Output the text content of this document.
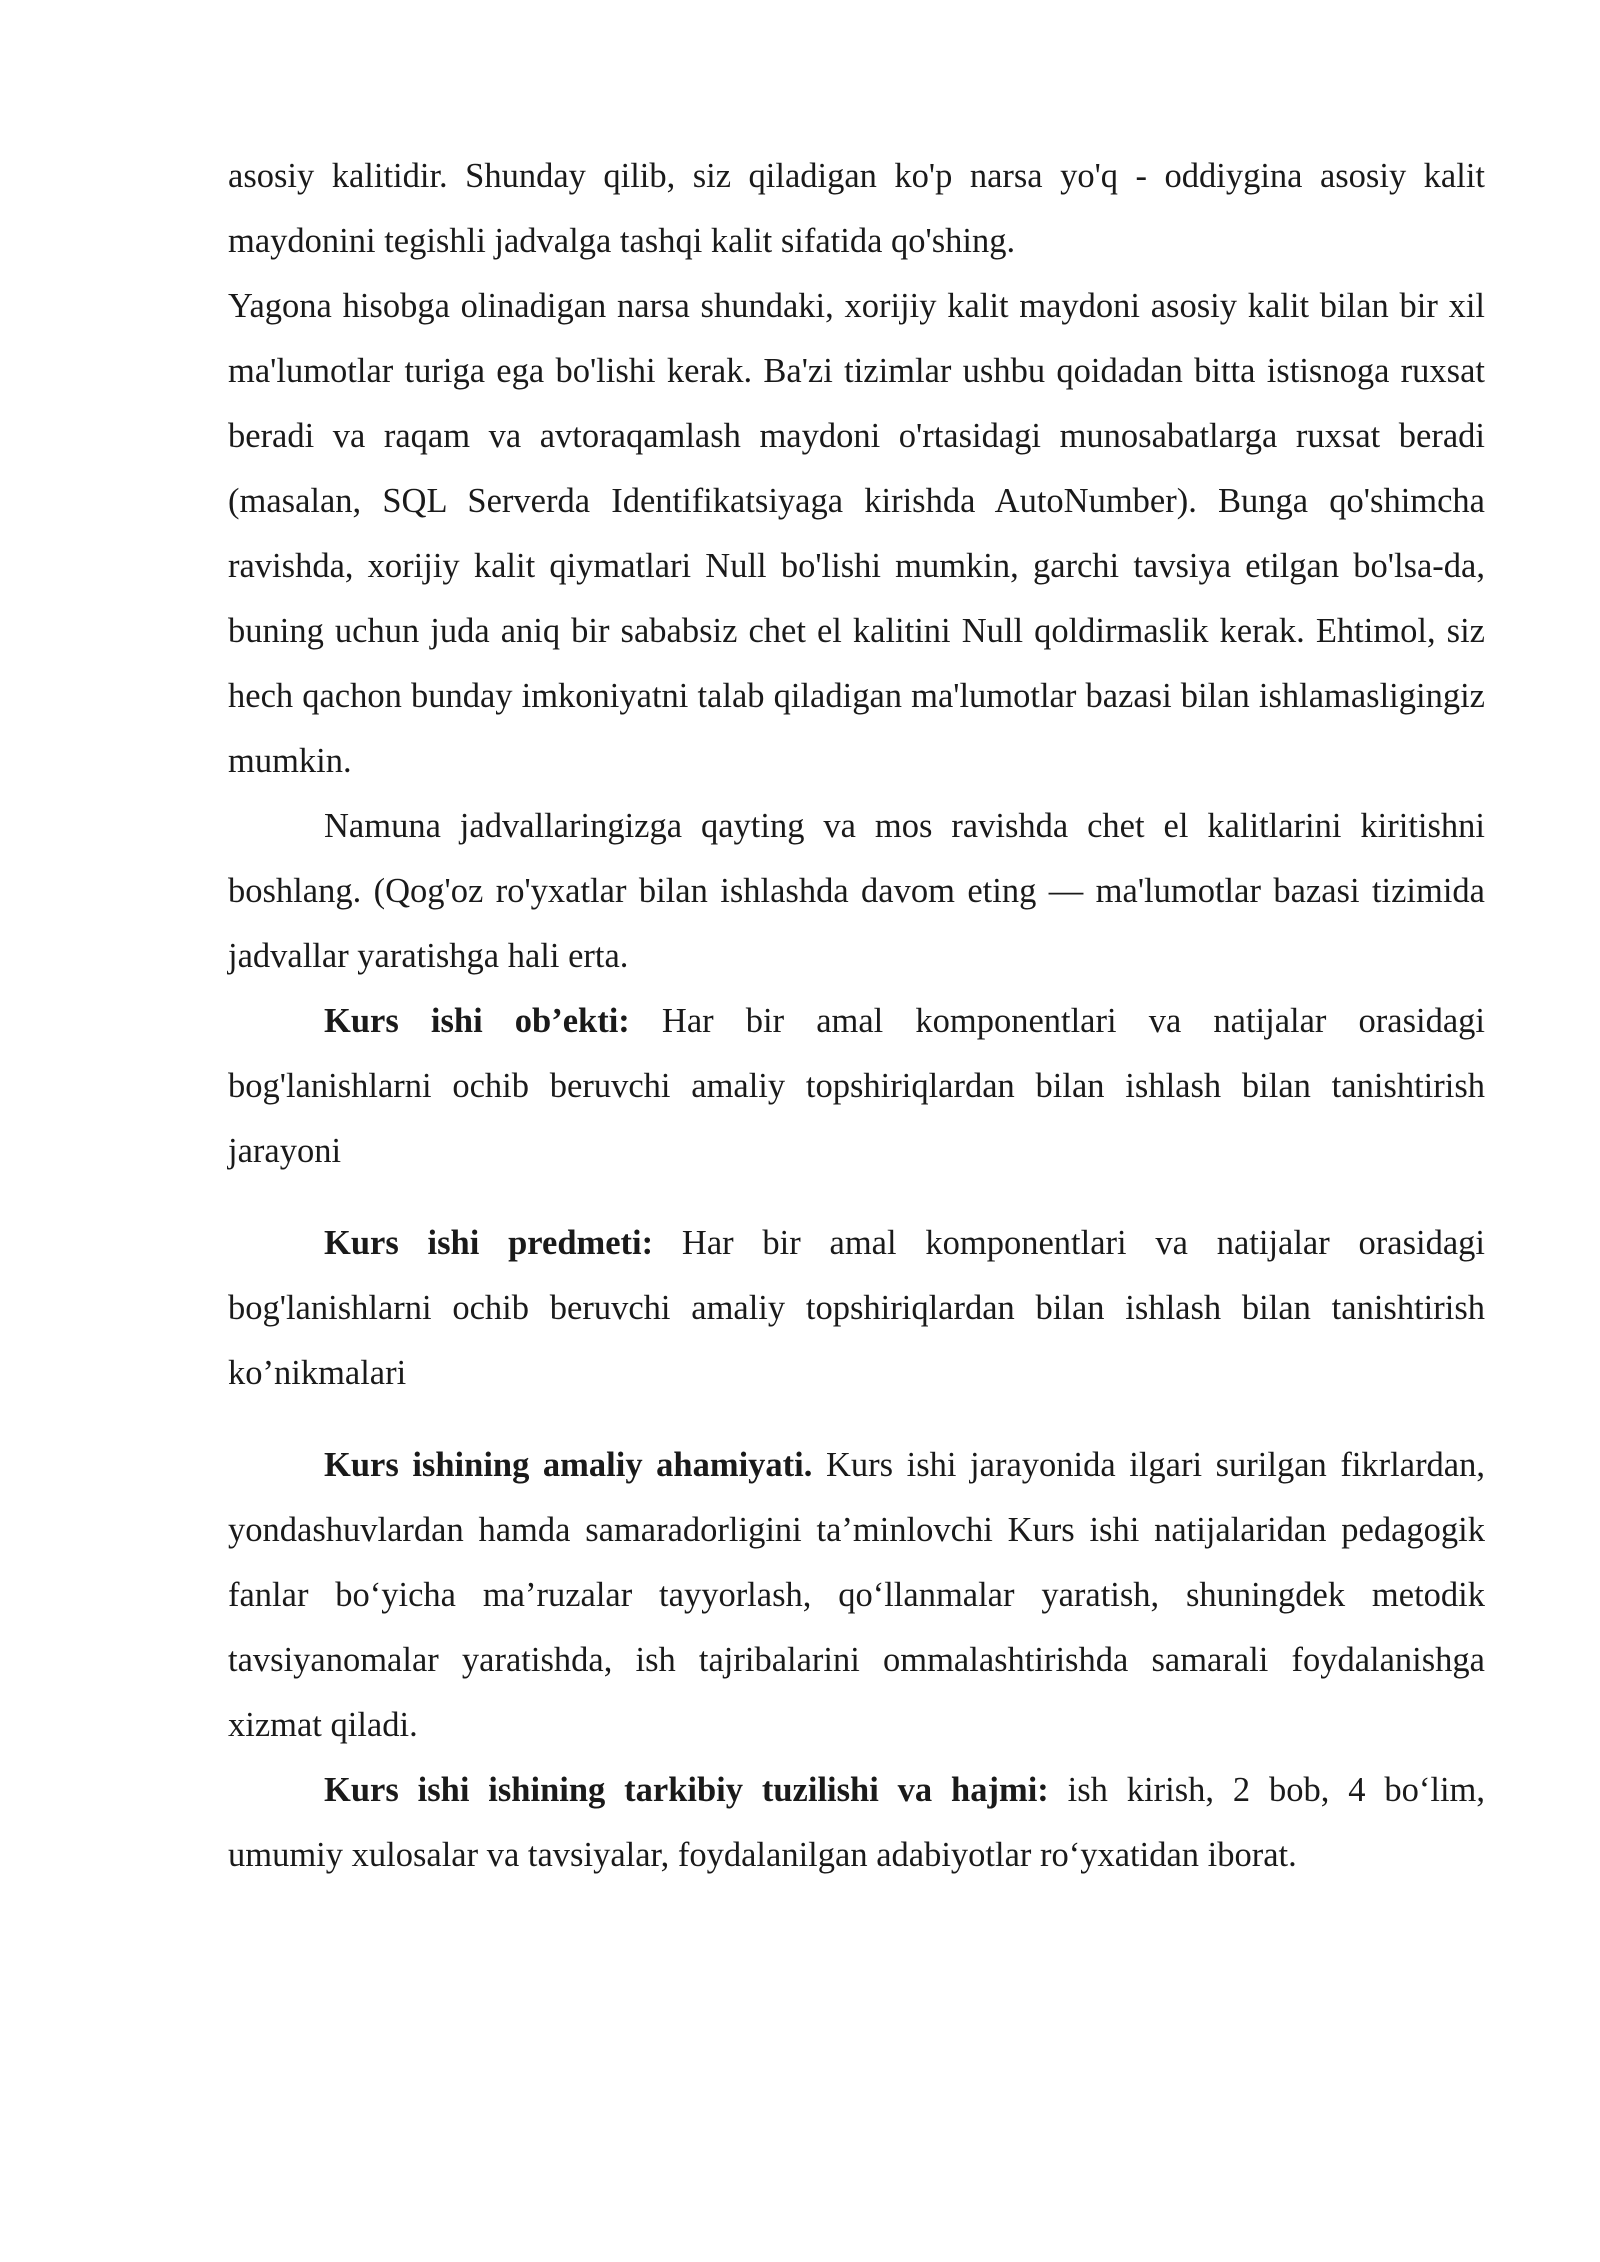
asosiy kalitidir. Shunday qilib, siz qiladigan ko'p narsa yo'q - oddiygina asosiy kalit maydonini tegishli jadvalga tashqi kalit sifatida qo'shing.

Yagona hisobga olinadigan narsa shundaki, xorijiy kalit maydoni asosiy kalit bilan bir xil ma'lumotlar turiga ega bo'lishi kerak. Ba'zi tizimlar ushbu qoidadan bitta istisnoga ruxsat beradi va raqam va avtoraqamlash maydoni o'rtasidagi munosabatlarga ruxsat beradi (masalan, SQL Serverda Identifikatsiyaga kirishda AutoNumber). Bunga qo'shimcha ravishda, xorijiy kalit qiymatlari Null bo'lishi mumkin, garchi tavsiya etilgan bo'lsa-da, buning uchun juda aniq bir sababsiz chet el kalitini Null qoldirmaslik kerak. Ehtimol, siz hech qachon bunday imkoniyatni talab qiladigan ma'lumotlar bazasi bilan ishlamasligingiz mumkin.

Namuna jadvallaringizga qayting va mos ravishda chet el kalitlarini kiritishni boshlang. (Qog'oz ro'yxatlar bilan ishlashda davom eting — ma'lumotlar bazasi tizimida jadvallar yaratishga hali erta.

Kurs ishi ob’ekti: Har bir amal komponentlari va natijalar orasidagi bog'lanishlarni ochib beruvchi amaliy topshiriqlardan bilan ishlash bilan tanishtirish jarayoni

Kurs ishi predmeti: Har bir amal komponentlari va natijalar orasidagi bog'lanishlarni ochib beruvchi amaliy topshiriqlardan bilan ishlash bilan tanishtirish ko’nikmalari

Kurs ishining amaliy ahamiyati. Kurs ishi jarayonida ilgari surilgan fikrlardan, yondashuvlardan hamda samaradorligini ta’minlovchi Kurs ishi natijalaridan pedagogik fanlar bo‘yicha ma’ruzalar tayyorlash, qo‘llanmalar yaratish, shuningdek metodik tavsiyanomalar yaratishda, ish tajribalarini ommalashtirishda samarali foydalanishga xizmat qiladi.

Kurs ishi ishining tarkibiy tuzilishi va hajmi: ish kirish, 2 bob, 4 bo‘lim, umumiy xulosalar va tavsiyalar, foydalanilgan adabiyotlar ro‘yxatidan iborat.
